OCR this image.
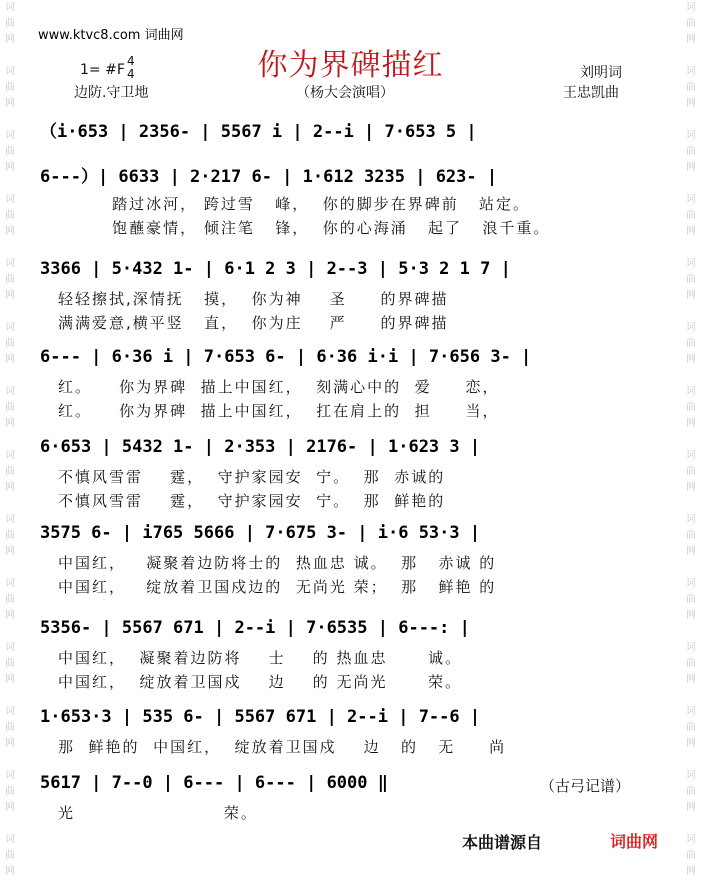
词
曲
网

词
曲
网

词
曲
网

词
曲
网

词
曲
网

词
曲
网

词
曲
网

词
曲
网

词
曲
网

词
曲
网

词
曲
网

词
曲
网

词
曲
网

词
曲
网
词
曲
网

词
曲
网

词
曲
网

词
曲
网

词
曲
网

词
曲
网

词
曲
网

词
曲
网

词
曲
网

词
曲
网

词
曲
网

词
曲
网

词
曲
网

词
曲
网
www.ktvc8.com 词曲网
你为界碑描红
1= #F
4
4	刘明词
边防.守卫地	（杨大会演唱）	王忠凯曲
（i·653 | 2356- | 5567 i | 2--i | 7·653 5 |
6---）| 6633 | 2·217 6- | 1·612 3235 | 623- |
踏过冰河， 跨过雪   峰，  你的脚步在界碑前   站定。
饱蘸豪情， 倾注笔   锋，  你的心海涌   起了   浪千重。
3366 | 5·432 1- | 6·1 2 3 | 2--3 | 5·3 2 1 7 |
轻轻擦拭,深情抚   摸，  你为神    圣     的界碑描
满满爱意,横平竖   直，  你为庄    严     的界碑描
6--- | 6·36 i | 7·653 6- | 6·36 i·i | 7·656 3- |
红。    你为界碑  描上中国红，  刻满心中的  爱     恋，
红。    你为界碑  描上中国红，  扛在肩上的  担     当，
6·653 | 5432 1- | 2·353 | 2176- | 1·623 3 |
不慎风雪雷    霆，  守护家园安  宁。  那  赤诚的
不慎风雪雷    霆，  守护家园安  宁。  那  鲜艳的
3575 6- | i765 5666 | 7·675 3- | i·6 53·3 |
中国红，   凝聚着边防将士的  热血忠 诚。  那   赤诚 的
中国红，   绽放着卫国戍边的  无尚光 荣；  那   鲜艳 的
5356- | 5567 671 | 2--i | 7·6535 | 6---: |
中国红，  凝聚着边防将    士    的 热血忠      诚。
中国红，  绽放着卫国戍    边    的 无尚光      荣。
1·653·3 | 535 6- | 5567 671 | 2--i | 7--6 |
那  鲜艳的  中国红，  绽放着卫国戍    边   的   无     尚
5617 | 7--0 | 6--- | 6--- | 6000 ‖
光                      荣。
（古弓记谱）
本曲谱源自	词曲网
